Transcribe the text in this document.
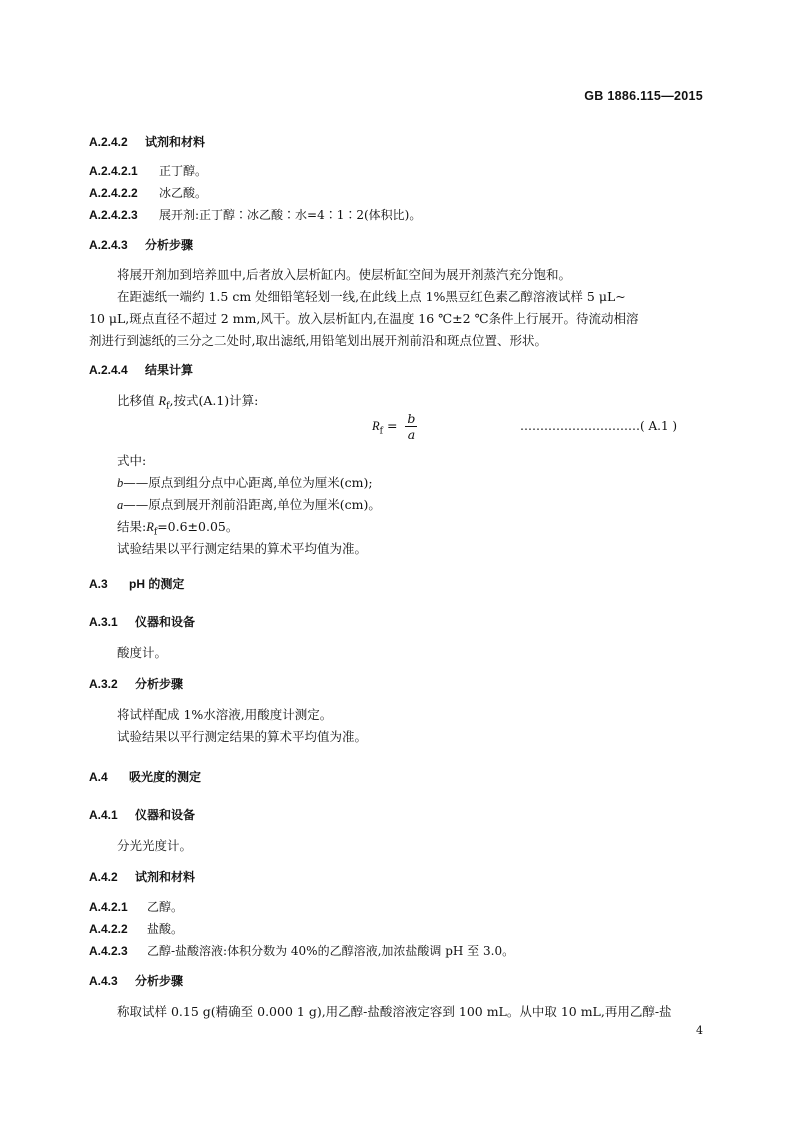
GB 1886.115—2015
A.2.4.2 试剂和材料
A.2.4.2.1 正丁醇。
A.2.4.2.2 冰乙酸。
A.2.4.2.3 展开剂:正丁醇∶冰乙酸∶水=4∶1∶2(体积比)。
A.2.4.3 分析步骤
将展开剂加到培养皿中,后者放入层析缸内。使层析缸空间为展开剂蒸汽充分饱和。
在距滤纸一端约 1.5 cm 处细铅笔轻划一线,在此线上点 1%黑豆红色素乙醇溶液试样 5 μL~
10 μL,斑点直径不超过 2 mm,风干。放入层析缸内,在温度 16 ℃±2 ℃条件上行展开。待流动相溶
剂进行到滤纸的三分之二处时,取出滤纸,用铅笔划出展开剂前沿和斑点位置、形状。
A.2.4.4 结果计算
比移值 $R_f$,按式(A.1)计算:
$R_f = \frac{b}{a}$	…………………………( A.1 )
式中:
b——原点到组分点中心距离,单位为厘米(cm);
a——原点到展开剂前沿距离,单位为厘米(cm)。
结果$:R_f=0.6\pm 0.05$。
试验结果以平行测定结果的算术平均值为准。
A.3 pH 的测定
A.3.1 仪器和设备
酸度计。
A.3.2 分析步骤
将试样配成 1%水溶液,用酸度计测定。
试验结果以平行测定结果的算术平均值为准。
A.4 吸光度的测定
A.4.1 仪器和设备
分光光度计。
A.4.2 试剂和材料
A.4.2.1 乙醇。
A.4.2.2 盐酸。
A.4.2.3 乙醇-盐酸溶液:体积分数为 40%的乙醇溶液,加浓盐酸调 pH 至 3.0。
A.4.3 分析步骤
称取试样 0.15 g(精确至 0.000 1 g),用乙醇-盐酸溶液定容到 100 mL。从中取 10 mL,再用乙醇-盐
4
